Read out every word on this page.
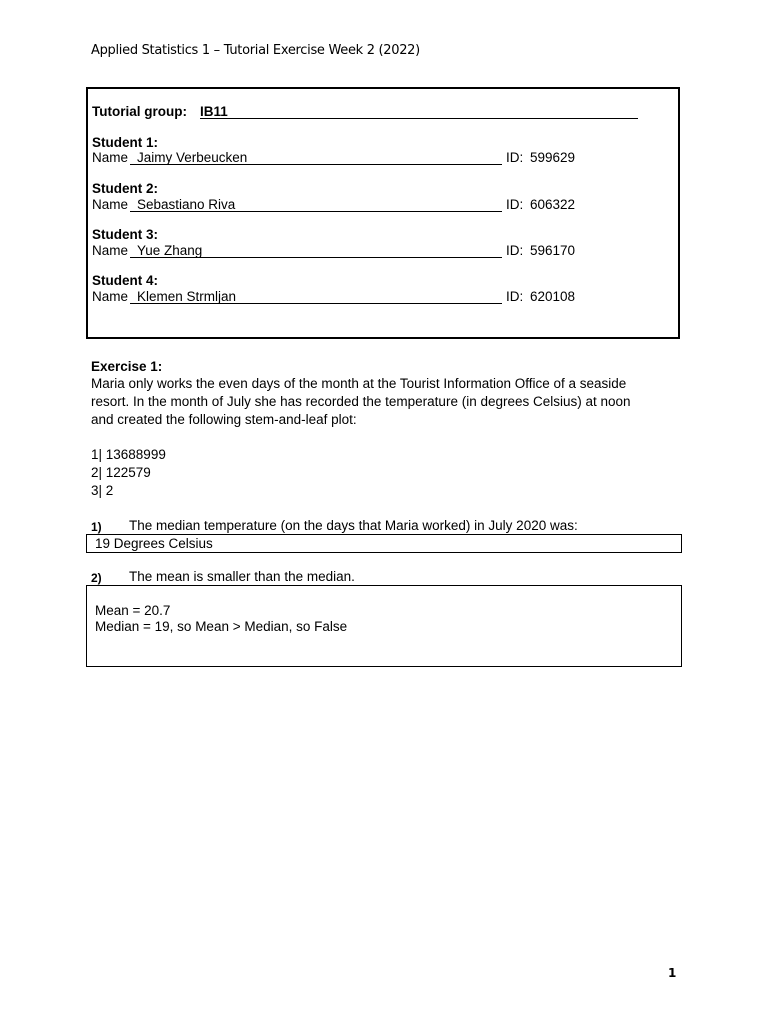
Applied Statistics 1 – Tutorial Exercise Week 2 (2022)
Tutorial group: IB11
Student 1:
Name Jaimy Verbeucken	ID: 599629
Student 2:
Name Sebastiano Riva	ID: 606322
Student 3:
Name Yue Zhang	ID: 596170
Student 4:
Name Klemen Strmljan	ID: 620108
Exercise 1:
Maria only works the even days of the month at the Tourist Information Office of a seaside
resort. In the month of July she has recorded the temperature (in degrees Celsius) at noon
and created the following stem-and-leaf plot:
1| 13688999
2| 122579
3| 2
1) The median temperature (on the days that Maria worked) in July 2020 was:
19 Degrees Celsius
2) The mean is smaller than the median.
Mean = 20.7
Median = 19, so Mean > Median, so False
1
